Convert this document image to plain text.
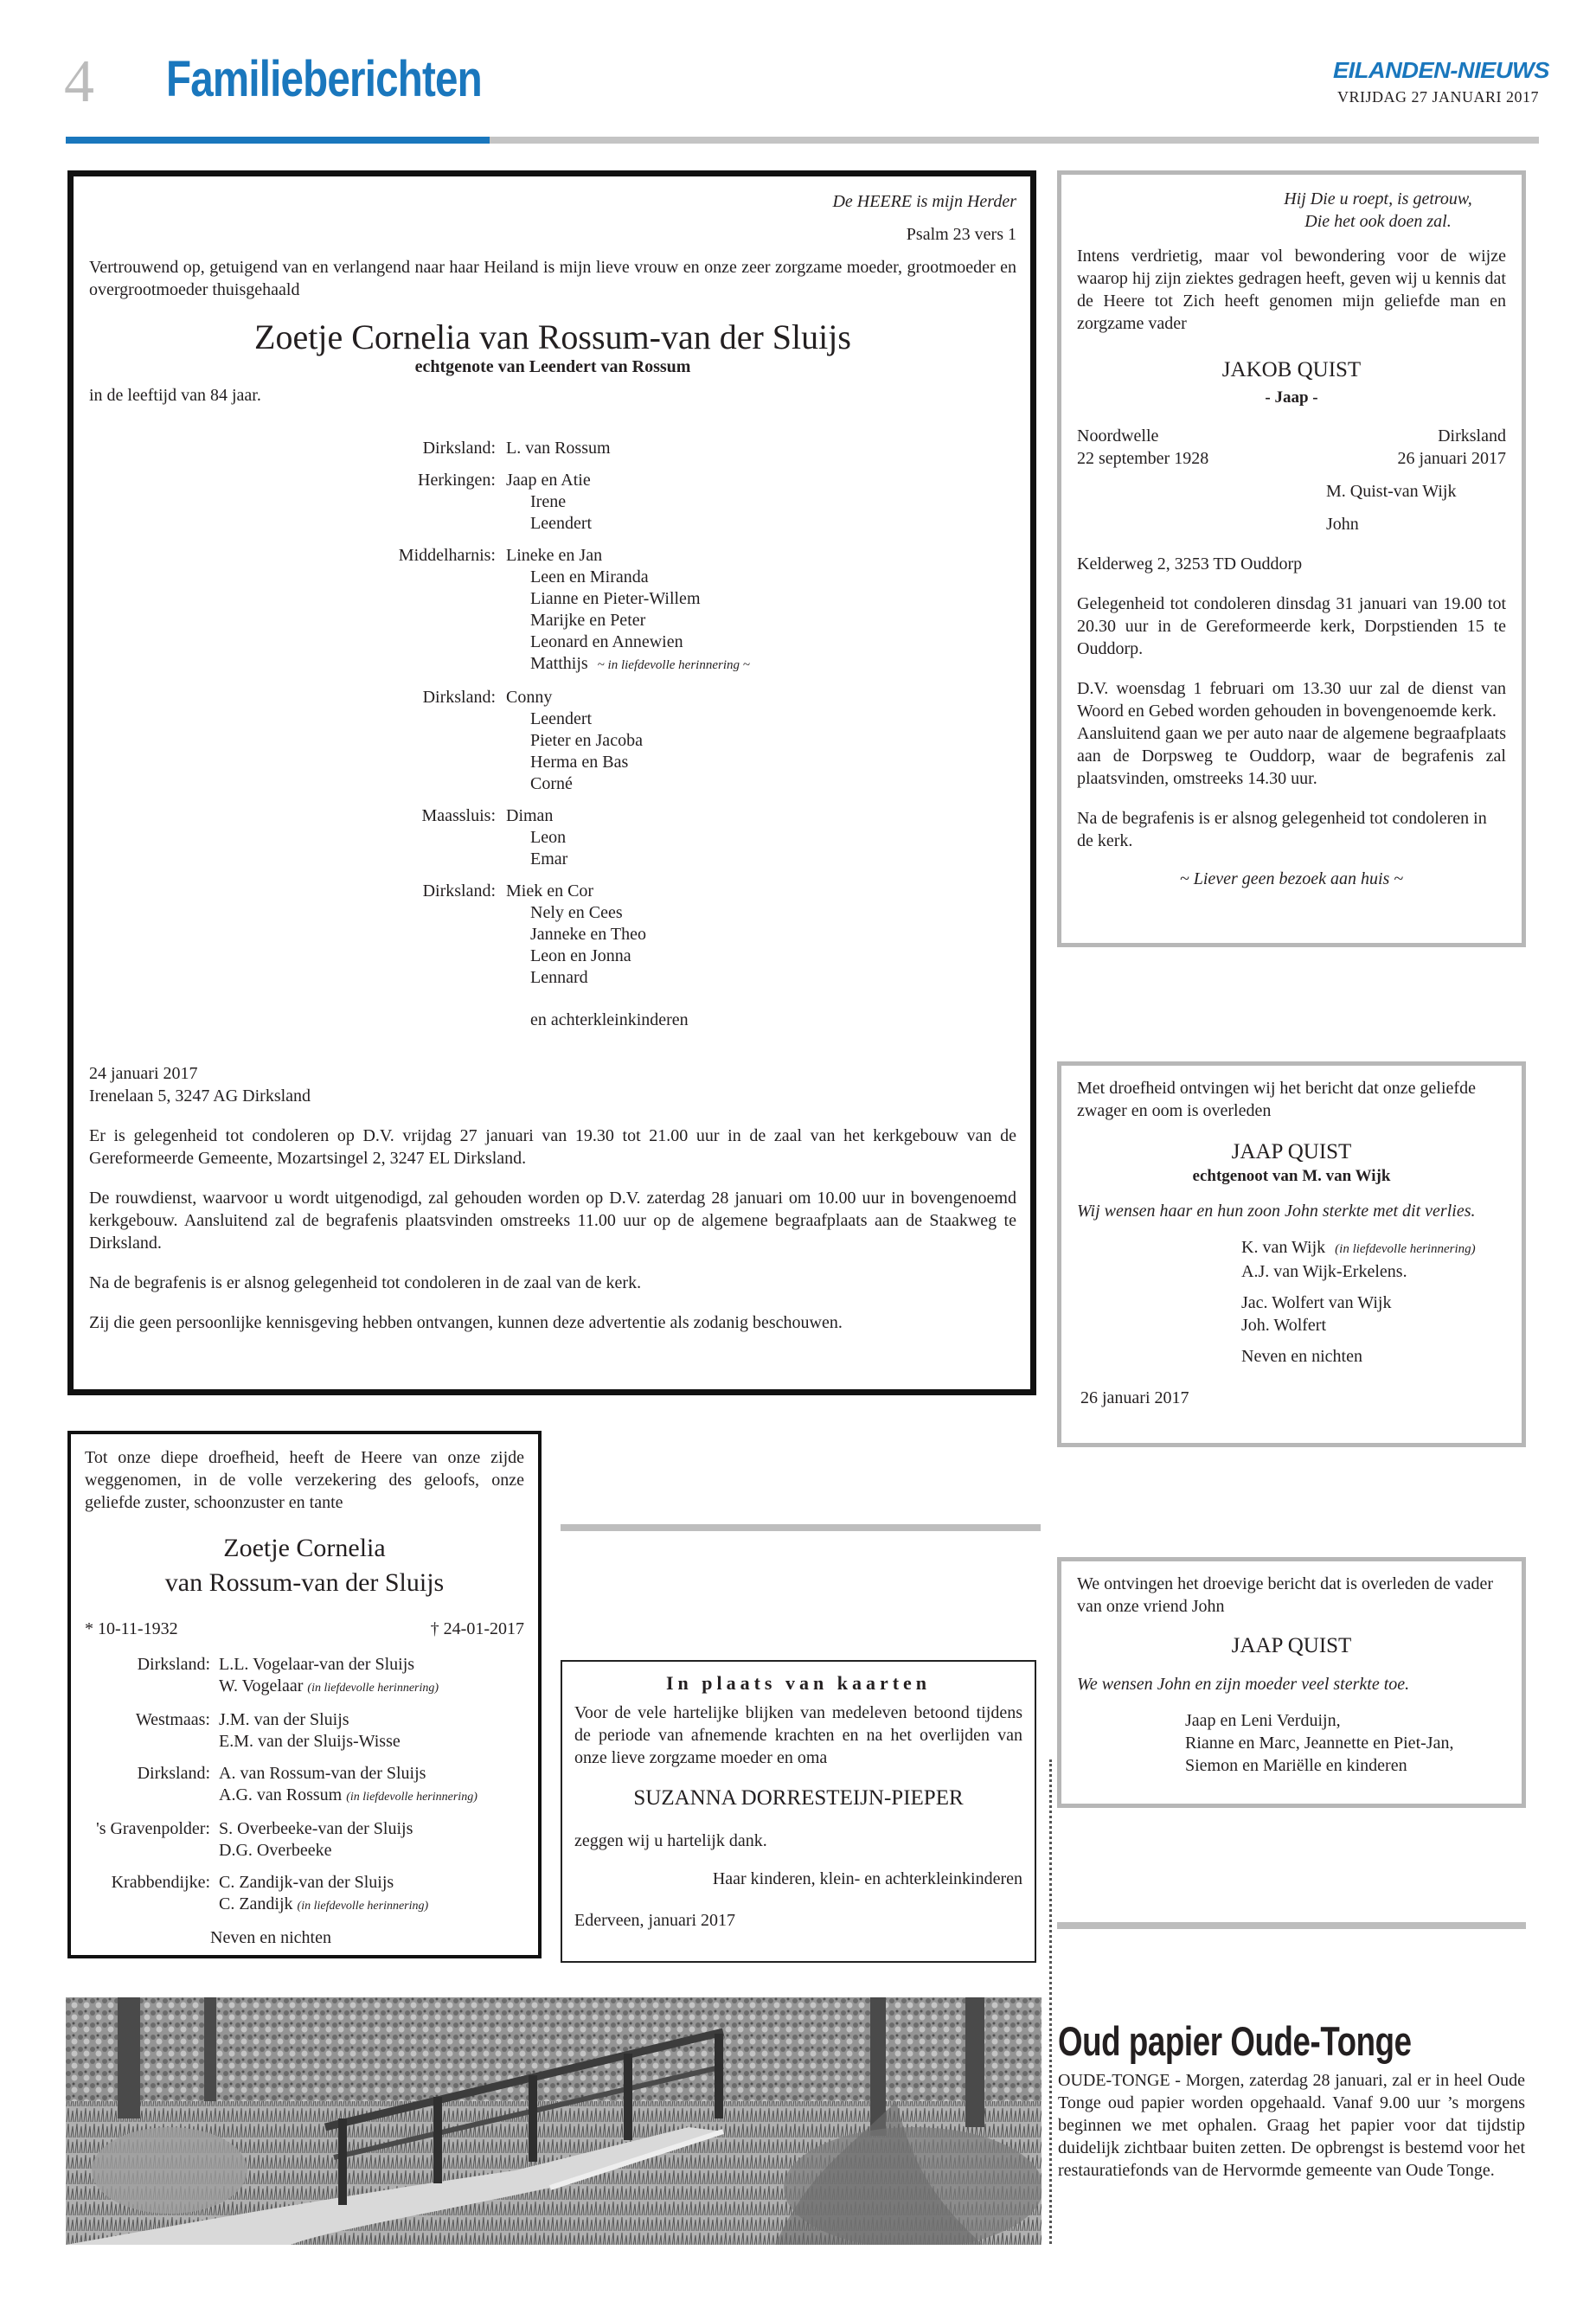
4 Familieberichten	EILANDEN-NIEUWS
VRIJDAG 27 JANUARI 2017
De HEERE is mijn Herder
Psalm 23 vers 1

Vertrouwend op, getuigend van en verlangend naar haar Heiland is mijn lieve vrouw en onze zeer zorgzame moeder, grootmoeder en overgrootmoeder thuisgehaald

Zoetje Cornelia van Rossum-van der Sluijs
echtgenote van Leendert van Rossum
in de leeftijd van 84 jaar.
Dirksland: L. van Rossum
Herkingen: Jaap en Atie
Irene
Leendert
Middelharnis: Lineke en Jan
Leen en Miranda
Lianne en Pieter-Willem
Marijke en Peter
Leonard en Annewien
Matthijs ~ in liefdevolle herinnering ~
Dirksland: Conny
Leendert
Pieter en Jacoba
Herma en Bas
Corné
Maassluis: Diman
Leon
Emar
Dirksland: Miek en Cor
Nely en Cees
Janneke en Theo
Leon en Jonna
Lennard
en achterkleinkinderen
24 januari 2017
Irenelaan 5, 3247 AG Dirksland

Er is gelegenheid tot condoleren op D.V. vrijdag 27 januari van 19.30 tot 21.00 uur in de zaal van het kerkgebouw van de Gereformeerde Gemeente, Mozartsingel 2, 3247 EL Dirksland.

De rouwdienst, waarvoor u wordt uitgenodigd, zal gehouden worden op D.V. zaterdag 28 januari om 10.00 uur in bovengenoemd kerkgebouw. Aansluitend zal de begrafenis plaatsvinden omstreeks 11.00 uur op de algemene begraafplaats aan de Staakweg te Dirksland.

Na de begrafenis is er alsnog gelegenheid tot condoleren in de zaal van de kerk.

Zij die geen persoonlijke kennisgeving hebben ontvangen, kunnen deze advertentie als zodanig beschouwen.

Hij Die u roept, is getrouw,
Die het ook doen zal.

Intens verdrietig, maar vol bewondering voor de wijze waarop hij zijn ziektes gedragen heeft, geven wij u kennis dat de Heere tot Zich heeft genomen mijn geliefde man en zorgzame vader

JAKOB QUIST
- Jaap -
Noordwelle
22 september 1928
Dirksland
26 januari 2017
M. Quist-van Wijk
John
Kelderweg 2, 3253 TD Ouddorp

Gelegenheid tot condoleren dinsdag 31 januari van 19.00 tot 20.30 uur in de Gereformeerde kerk, Dorpstienden 15 te Ouddorp.

D.V. woensdag 1 februari om 13.30 uur zal de dienst van Woord en Gebed worden gehouden in bovengenoemde kerk.

Aansluitend gaan we per auto naar de algemene begraafplaats aan de Dorpsweg te Ouddorp, waar de begrafenis zal plaatsvinden, omstreeks 14.30 uur.

Na de begrafenis is er alsnog gelegenheid tot condoleren in de kerk.

~ Liever geen bezoek aan huis ~

Met droefheid ontvingen wij het bericht dat onze geliefde zwager en oom is overleden

JAAP QUIST
echtgenoot van M. van Wijk

Wij wensen haar en hun zoon John sterkte met dit verlies.

K. van Wijk (in liefdevolle herinnering)
A.J. van Wijk-Erkelens.
Jac. Wolfert van Wijk
Joh. Wolfert
Neven en nichten
26 januari 2017

We ontvingen het droevige bericht dat is overleden de vader van onze vriend John

JAAP QUIST

We wensen John en zijn moeder veel sterkte toe.

Jaap en Leni Verduijn,
Rianne en Marc, Jeannette en Piet-Jan,
Siemon en Mariëlle en kinderen

Tot onze diepe droefheid, heeft de Heere van onze zijde weggenomen, in de volle verzekering des geloofs, onze geliefde zuster, schoonzuster en tante

Zoetje Cornelia
van Rossum-van der Sluijs
* 10-11-1932	† 24-01-2017
Dirksland: L.L. Vogelaar-van der Sluijs
W. Vogelaar (in liefdevolle herinnering)
Westmaas: J.M. van der Sluijs
E.M. van der Sluijs-Wisse
Dirksland: A. van Rossum-van der Sluijs
A.G. van Rossum (in liefdevolle herinnering)
's Gravenpolder: S. Overbeeke-van der Sluijs
D.G. Overbeeke
Krabbendijke: C. Zandijk-van der Sluijs
C. Zandijk (in liefdevolle herinnering)
Neven en nichten
In plaats van kaarten

Voor de vele hartelijke blijken van medeleven betoond tijdens de periode van afnemende krachten en na het overlijden van onze lieve zorgzame moeder en oma

SUZANNA DORRESTEIJN-PIEPER
zeggen wij u hartelijk dank.
Haar kinderen, klein- en achterkleinkinderen
Ederveen, januari 2017
Oud papier Oude-Tonge

OUDE-TONGE - Morgen, zaterdag 28 januari, zal er in heel Oude Tonge oud papier worden opgehaald. Vanaf 9.00 uur ’s morgens beginnen we met ophalen. Graag het papier voor dat tijdstip duidelijk zichtbaar buiten zetten. De opbrengst is bestemd voor het restauratiefonds van de Hervormde gemeente van Oude Tonge.
